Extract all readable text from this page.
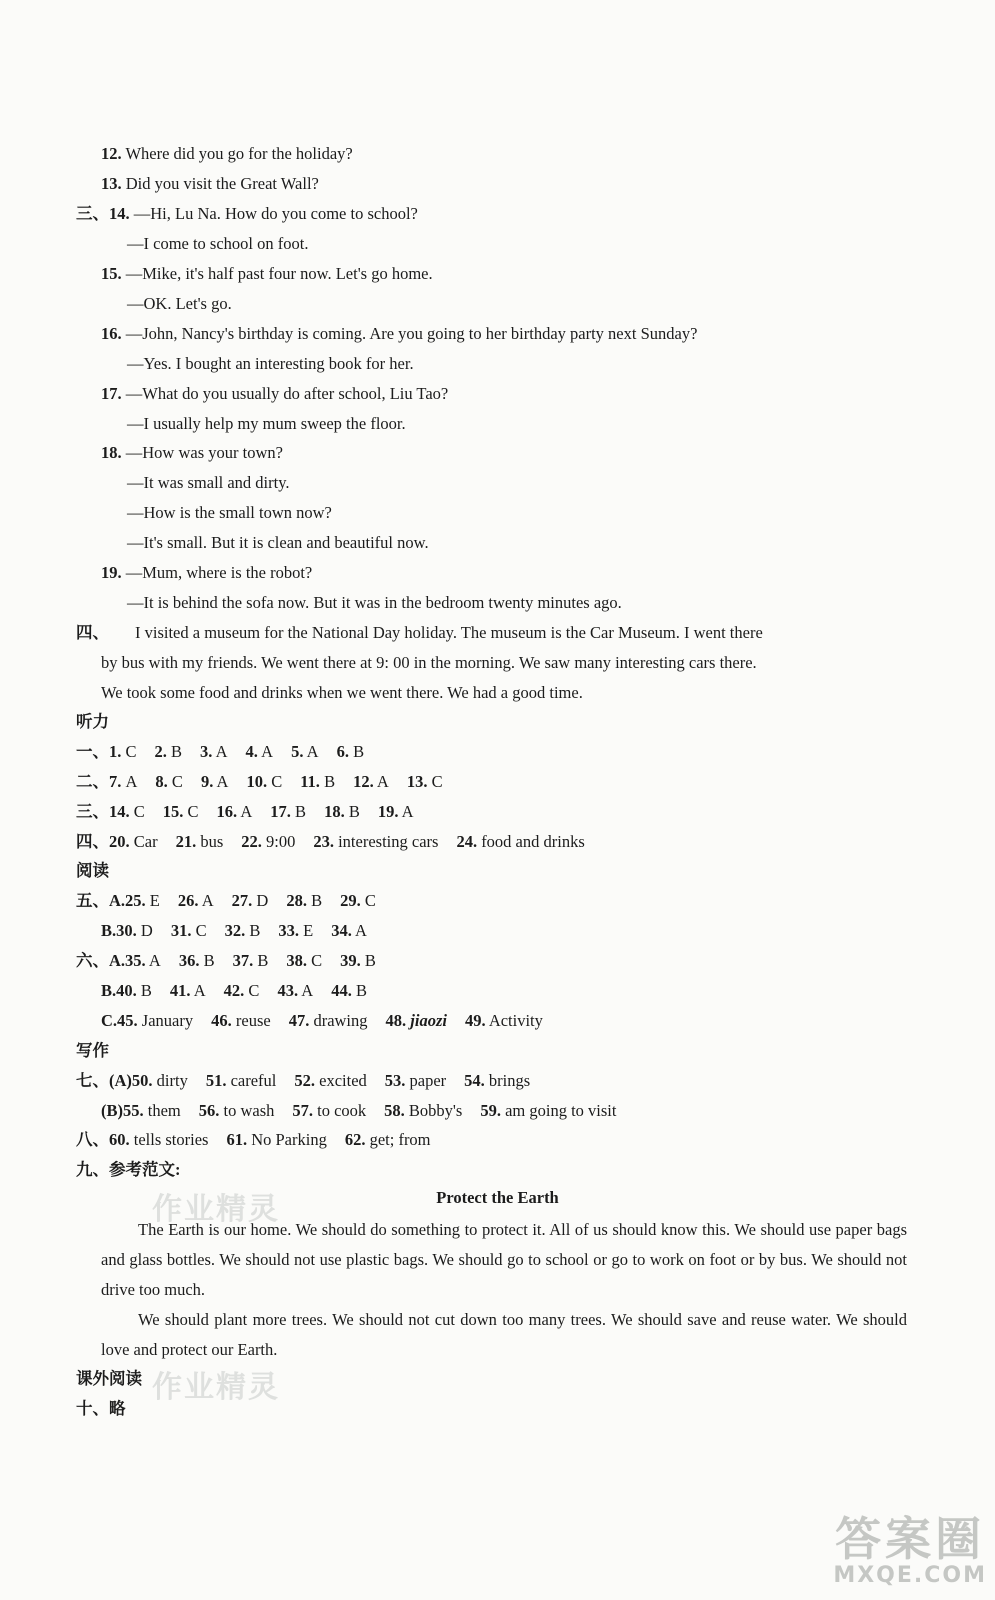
12. Where did you go for the holiday?
13. Did you visit the Great Wall?
三、14. —Hi, Lu Na. How do you come to school?
—I come to school on foot.
15. —Mike, it's half past four now. Let's go home.
—OK. Let's go.
16. —John, Nancy's birthday is coming. Are you going to her birthday party next Sunday?
—Yes. I bought an interesting book for her.
17. —What do you usually do after school, Liu Tao?
—I usually help my mum sweep the floor.
18. —How was your town?
—It was small and dirty.
—How is the small town now?
—It's small. But it is clean and beautiful now.
19. —Mum, where is the robot?
—It is behind the sofa now. But it was in the bedroom twenty minutes ago.
四、 I visited a museum for the National Day holiday. The museum is the Car Museum. I went there
by bus with my friends. We went there at 9: 00 in the morning. We saw many interesting cars there.
We took some food and drinks when we went there. We had a good time.
听力
一、1. C 2. B 3. A 4. A 5. A 6. B
二、7. A 8. C 9. A 10. C 11. B 12. A 13. C
三、14. C 15. C 16. A 17. B 18. B 19. A
四、20. Car 21. bus 22. 9:00 23. interesting cars 24. food and drinks
阅读
五、A.25. E 26. A 27. D 28. B 29. C
B.30. D 31. C 32. B 33. E 34. A
六、A.35. A 36. B 37. B 38. C 39. B
B.40. B 41. A 42. C 43. A 44. B
C.45. January 46. reuse 47. drawing 48. jiaozi 49. Activity
写作
七、(A)50. dirty 51. careful 52. excited 53. paper 54. brings
(B)55. them 56. to wash 57. to cook 58. Bobby's 59. am going to visit
八、60. tells stories 61. No Parking 62. get; from
九、参考范文:
Protect the Earth
The Earth is our home. We should do something to protect it. All of us should know this. We should use paper bags and glass bottles. We should not use plastic bags. We should go to school or go to work on foot or by bus. We should not drive too much.
We should plant more trees. We should not cut down too many trees. We should save and reuse water. We should love and protect our Earth.
课外阅读
十、略
作业精灵
作业精灵
答案圈
MXQE.COM
